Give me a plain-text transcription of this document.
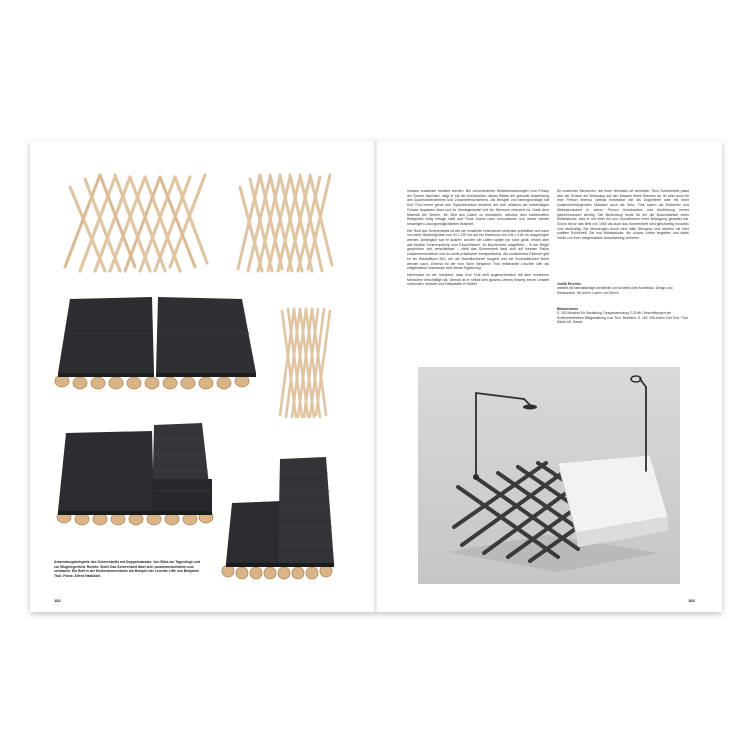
Anwendungsbeispiele des Scherenbetts mit Doppelmatratze. Von Blick zur Tagesliege und zur Sitzgelegenheit. Rechts: Stelle Das Scherenbett lässt sich zusammenschieben und verstauen. Ein Bett in der Kinderzimmerdecke als Beispiel der Leuchte Liffe von Benjamin Thut. Fotos: Alfred Hablützel.
182

müssen zusätzlich montiert werden. Bei verschiedenen Möbelentwicklungen vom Prinzip der Schere fasziniert, zeigt er mit der Konstruktion dieses Bettes die optimale Anwendung des Auseinanderziehens und Zusammenschiebens. Als Beispiel und Ideengrundlage hat Kurt Thut immer gerne den Topfuntersetzer erwähnt, der sich mühelos der notwendigen Grösse anpassen lässt und ihr Montagebedarf auf ein Minimum reduziert ist. Dank dem Material der Schere, ein Bett aus Latten zu entwickeln, welches dem traditionellen Bettgestell völlig infrage stellt und Thuts Suche nach Innovationen und immer wieder neuartigen Lösungsmöglichkeiten illustriert.

Der Rost des Scherenbetts ist wie der erwähnte Untersetzer stufenlos verstellbar und kann von einer Mindestgrösse von 94 x 220 cm auf ein Maximum von 194 x 216 cm ausgezogen werden. Anfänglich war er lackiert, wurden die Latten später nur noch geölt, erhielt aber das flexible Scherenprinzip zum Einschlüssen. Im Buchenholz ausgeführt – in der Regel geschoben und verschiebbar – zählt das Scherenbett lässt sich auf kleinem Raum zusammenschieben und ist somit praktischer transportierbar. Als zusätzliches Element gibt es ein Beistelltisch 591, der als Nachttischchen fungiert und mit Schmalstücken fixiert werden kann. Ebenso ist die vom Sohn Benjamin Thut entwickelte Leuchte Liffe als zeitgemässe Leselampe eine ideale Ergänzung.

Interessant ist der Umstand, dass Kurt Thut sich augenscheinlich mit dem modernen Menschen beschäftigt hat. Überall ist er selbst sein ganzes Lebens hinweg seiner Umwelt verbunden, entwarf und entwickelte er Möbel

für modernes Menschen, die ihren Wohnsitz oft wechseln. Sein Scherenbett passt sich der Grösse der Wohnung und den Massen eines Raumes an, ist aber auch für eine Person ebenso optimal einsetzbar wie als Doppelbett oder mit einer zusammenhängenden Matratze auch als Sofa. Thut waren als Entwerfer und Möbelproduzent in seiner Person Konstruktion und Ausführung immer gleichermassen wichtig. Die Bedeutung heute für ihn die Brauchbarkeit eines Möbelstücks, was er mit einer Art von Grundformen einer Bewegung gestaltet hat. Schon bevor das Bett von 1960 als auch das Scherenbett sind gleichzeitig innovativ und nachhaltig. Sie überzeugen durch eine stille Stringenz und wecken mit ihrer subtilen Schönheit. Sie und Möbelstücke, die durchs Leben begleiten und dabei nichts von ihrer zeitgemässen Ausstrahlung verlieren.

Judith Reichter
arbeitet als selbstständige Architektin und schreibt über Architektur, Design und Restaurants. Sie lebt in Luzern und Zürich.
Bildnachweis
S. 182 Museum für Gestaltung, Designsammlung © ZHdK; Beschriftungen der Scherenbettreihen Bildgestaltung, Kurt Thut, Betreiber: S. 183, 258 Archiv Kurt Thut, Thut Möbel AG, Basler
183
